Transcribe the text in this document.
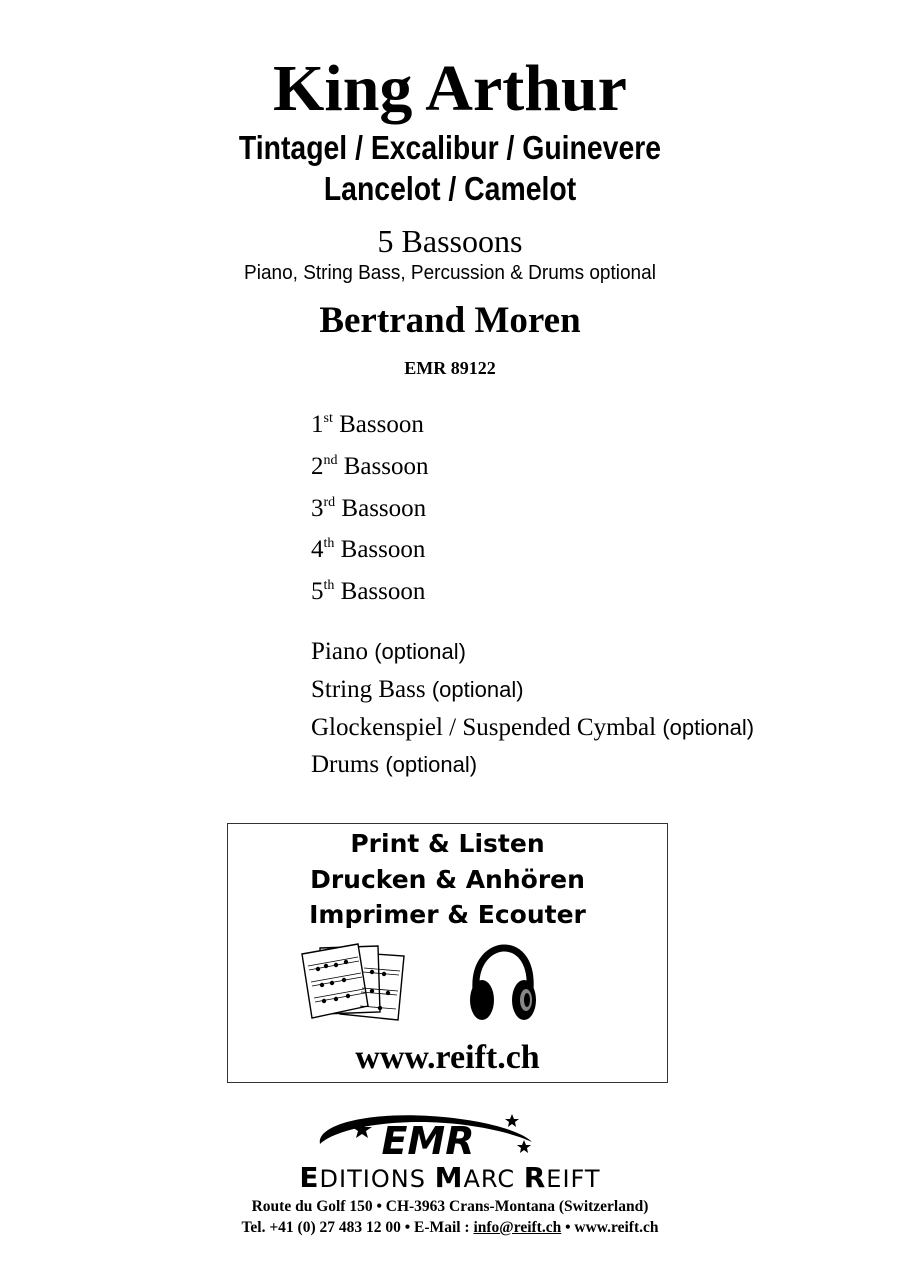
King Arthur
Tintagel / Excalibur / Guinevere
Lancelot / Camelot
5 Bassoons
Piano, String Bass, Percussion & Drums optional
Bertrand Moren
EMR 89122
1st Bassoon
2nd Bassoon
3rd Bassoon
4th Bassoon
5th Bassoon
Piano (optional)
String Bass (optional)
Glockenspiel / Suspended Cymbal (optional)
Drums (optional)
Print & Listen
Drucken & Anhören
Imprimer & Ecouter
www.reift.ch
EMR
EDITIONS MARC REIFT
Route du Golf 150 • CH-3963 Crans-Montana (Switzerland)
Tel. +41 (0) 27 483 12 00 • E-Mail : info@reift.ch • www.reift.ch
